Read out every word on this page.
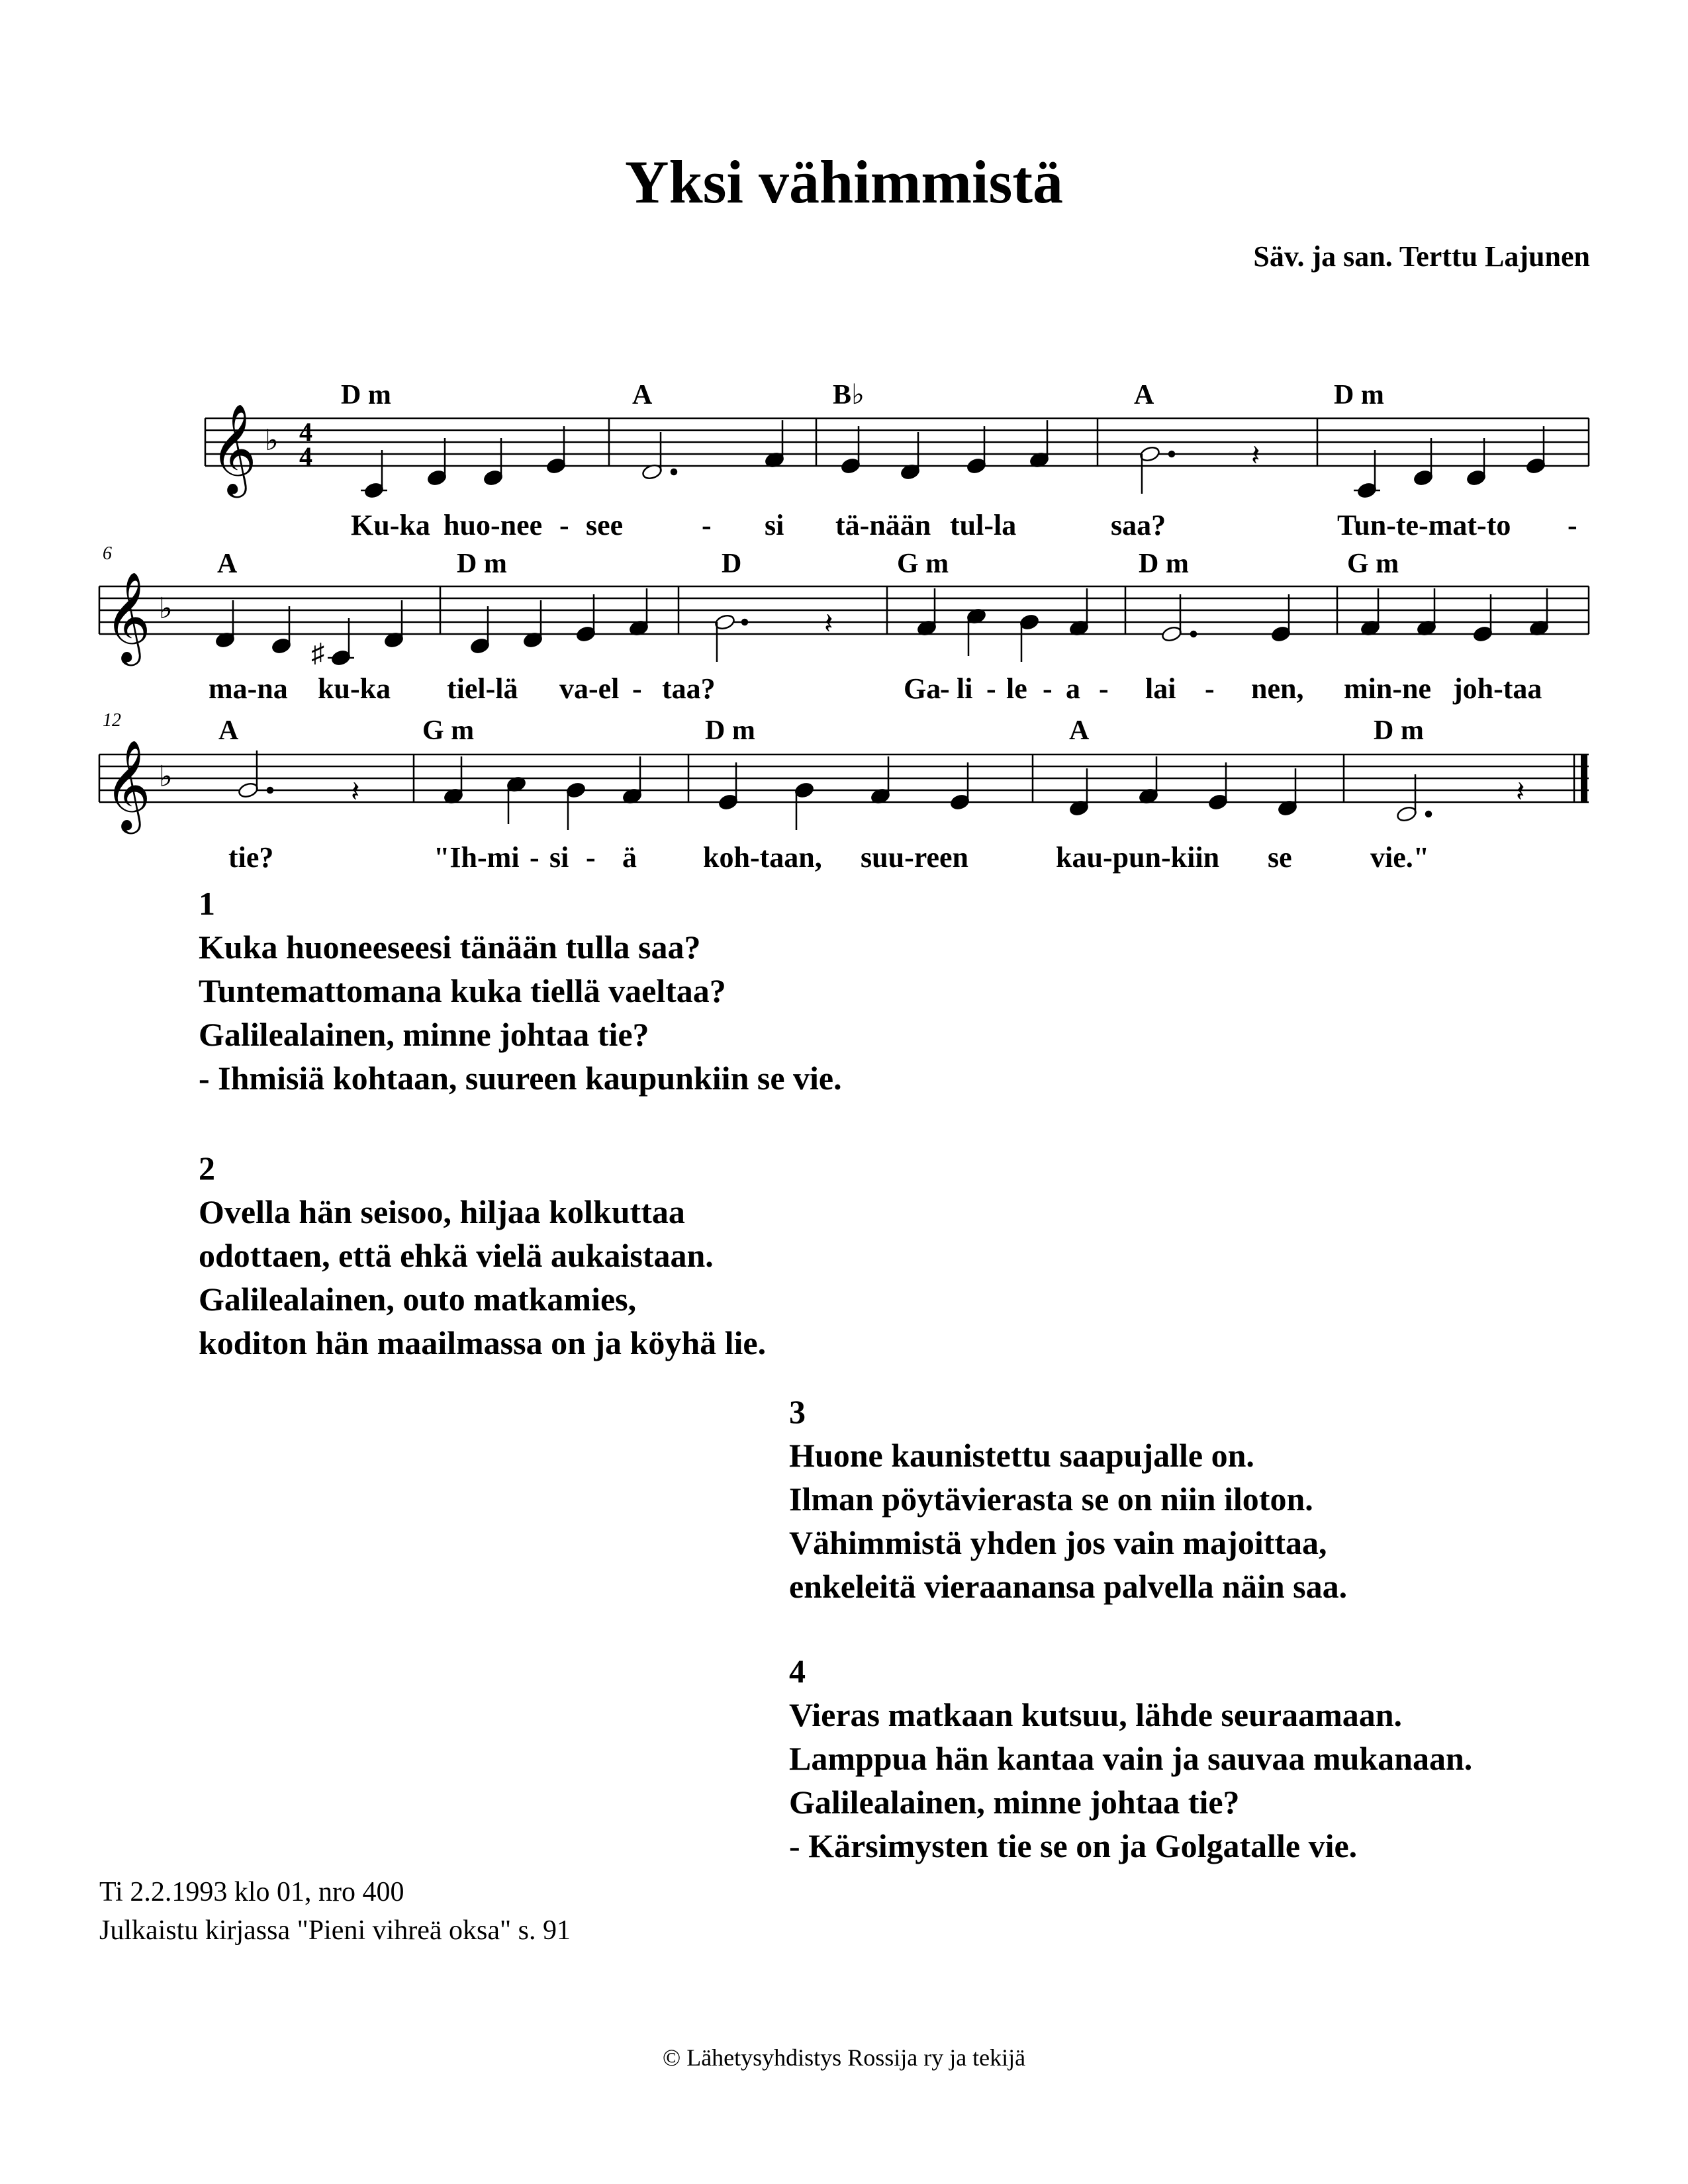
Yksi vähimmistä
Säv. ja san. Terttu Lajunen
𝄞 ♭ 4
4	𝄽
D m	A	B♭	A	D m
Ku-ka huo-nee - see	- si tä-nään tul-la	saa?	Tun-te-mat-to -
6
𝄞 ♭
♯
𝄽
A	D m	D	G m	D m	G m
ma-na ku-ka tiel-lä va-el - taa?	Ga
- li - le - a - lai - nen, min-ne joh-taa
12
𝄞 ♭	𝄽	𝄽
A	G m	D m	A	D m
tie?	"Ih-mi - si - ä koh-taan, suu-reen	kau-pun-kiin se	vie."
1
Kuka huoneeseesi tänään tulla saa?
Tuntemattomana kuka tiellä vaeltaa?
Galilealainen, minne johtaa tie?
- Ihmisiä kohtaan, suureen kaupunkiin se vie.
2
Ovella hän seisoo, hiljaa kolkuttaa
odottaen, että ehkä vielä aukaistaan.
Galilealainen, outo matkamies,
koditon hän maailmassa on ja köyhä lie.
3
Huone kaunistettu saapujalle on.
Ilman pöytävierasta se on niin iloton.
Vähimmistä yhden jos vain majoittaa,
enkeleitä vieraanansa palvella näin saa.
4
Vieras matkaan kutsuu, lähde seuraamaan.
Lamppua hän kantaa vain ja sauvaa mukanaan.
Galilealainen, minne johtaa tie?
- Kärsimysten tie se on ja Golgatalle vie.
Ti 2.2.1993 klo 01, nro 400
Julkaistu kirjassa "Pieni vihreä oksa" s. 91
© Lähetysyhdistys Rossija ry ja tekijä
